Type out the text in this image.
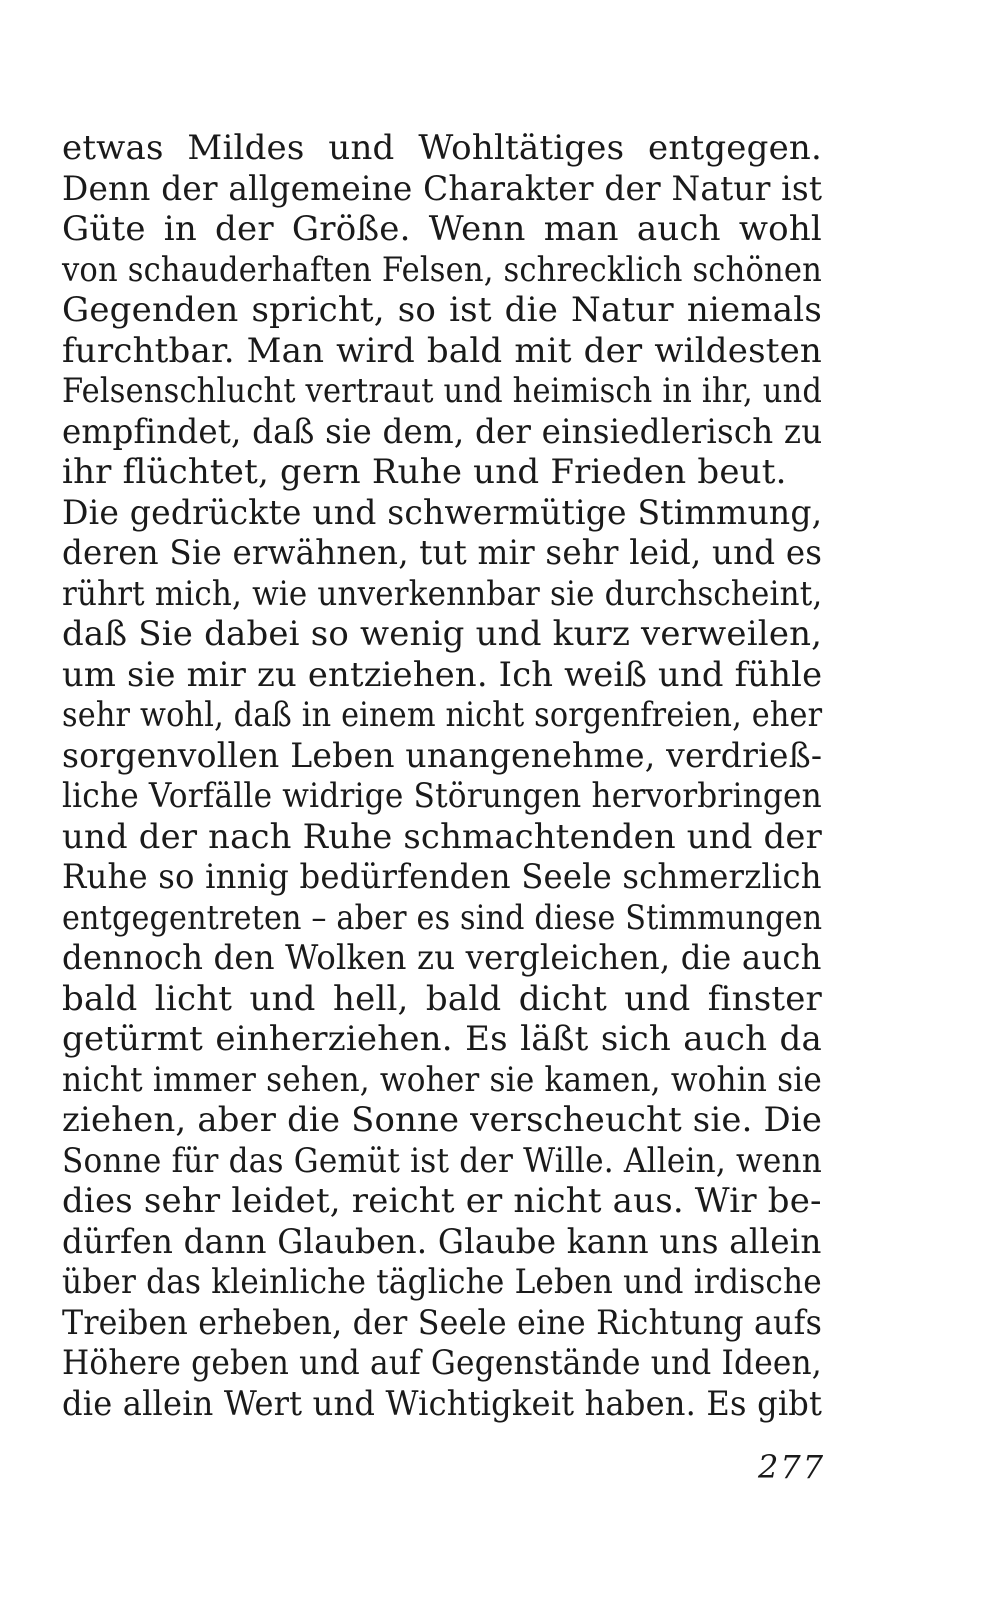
etwas Mildes und Wohltätiges entgegen.
Denn der allgemeine Charakter der Natur ist
Güte in der Größe. Wenn man auch wohl
von schauderhaften Felsen, schrecklich schönen
Gegenden spricht, so ist die Natur niemals
furchtbar. Man wird bald mit der wildesten
Felsenschlucht vertraut und heimisch in ihr, und
empfindet, daß sie dem, der einsiedlerisch zu
ihr flüchtet, gern Ruhe und Frieden beut.
Die gedrückte und schwermütige Stimmung,
deren Sie erwähnen, tut mir sehr leid, und es
rührt mich, wie unverkennbar sie durchscheint,
daß Sie dabei so wenig und kurz verweilen,
um sie mir zu entziehen. Ich weiß und fühle
sehr wohl, daß in einem nicht sorgenfreien, eher
sorgenvollen Leben unangenehme, verdrieß-
liche Vorfälle widrige Störungen hervorbringen
und der nach Ruhe schmachtenden und der
Ruhe so innig bedürfenden Seele schmerzlich
entgegentreten – aber es sind diese Stimmungen
dennoch den Wolken zu vergleichen, die auch
bald licht und hell, bald dicht und finster
getürmt einherziehen. Es läßt sich auch da
nicht immer sehen, woher sie kamen, wohin sie
ziehen, aber die Sonne verscheucht sie. Die
Sonne für das Gemüt ist der Wille. Allein, wenn
dies sehr leidet, reicht er nicht aus. Wir be-
dürfen dann Glauben. Glaube kann uns allein
über das kleinliche tägliche Leben und irdische
Treiben erheben, der Seele eine Richtung aufs
Höhere geben und auf Gegenstände und Ideen,
die allein Wert und Wichtigkeit haben. Es gibt
277
